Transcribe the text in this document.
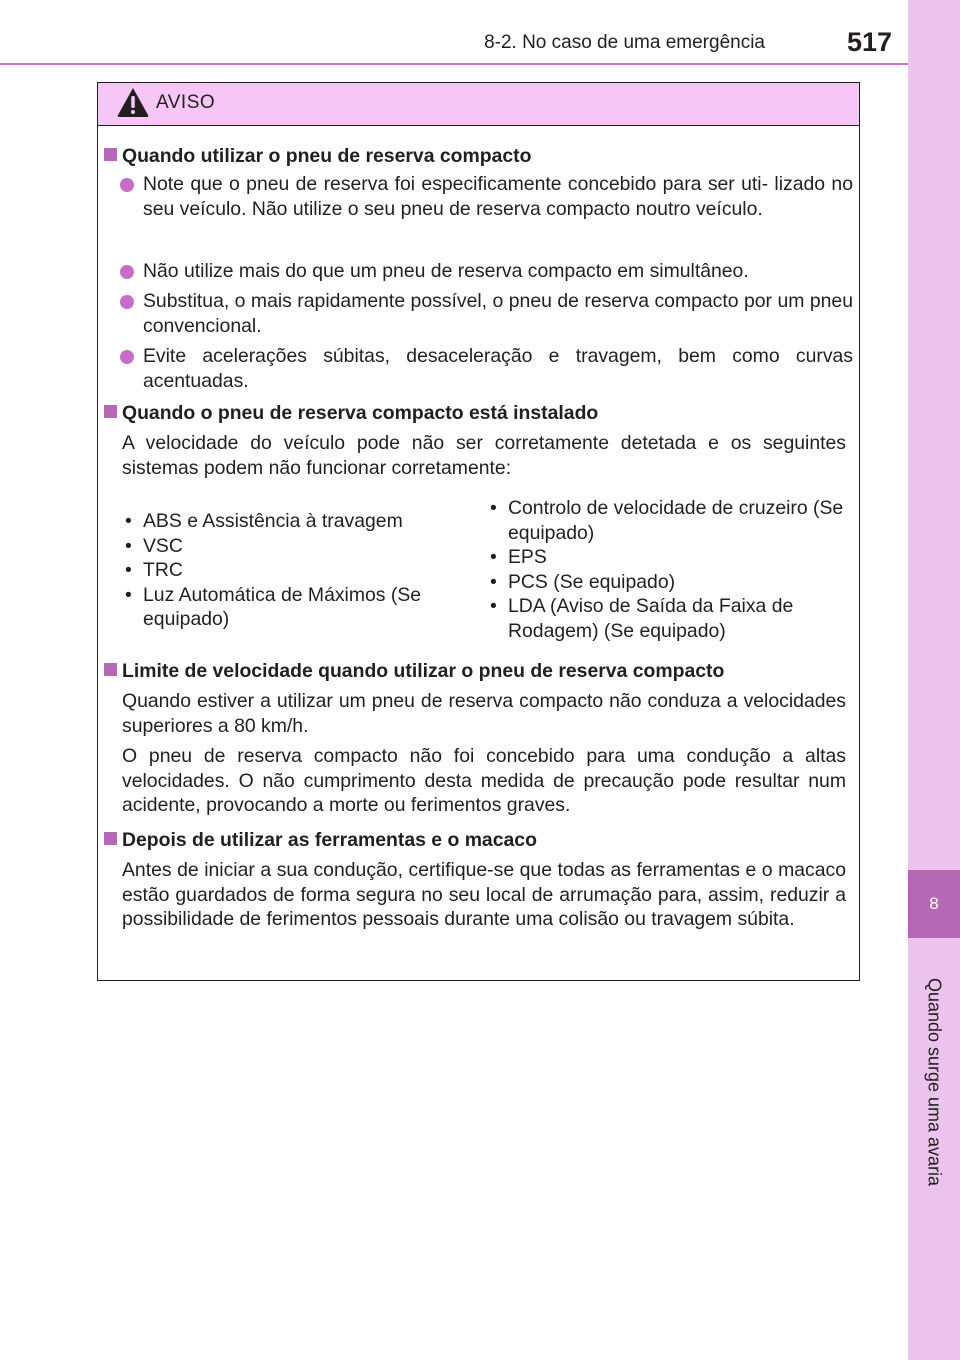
8-2. No caso de uma emergência	517
8
Quando surge uma avaria
AVISO
Quando utilizar o pneu de reserva compacto
Note que o pneu de reserva foi especificamente concebido para ser uti- lizado no seu veículo. Não utilize o seu pneu de reserva compacto noutro veículo.
Não utilize mais do que um pneu de reserva compacto em simultâneo.
Substitua, o mais rapidamente possível, o pneu de reserva compacto por um pneu convencional.
Evite acelerações súbitas, desaceleração e travagem, bem como curvas acentuadas.
Quando o pneu de reserva compacto está instalado
A velocidade do veículo pode não ser corretamente detetada e os seguintes sistemas podem não funcionar corretamente:
• ABS e Assistência à travagem
• VSC
• TRC
• Luz Automática de Máximos (Se equipado)
• Controlo de velocidade de cruzeiro (Se equipado)
• EPS
• PCS (Se equipado)
• LDA (Aviso de Saída da Faixa de Rodagem) (Se equipado)
Limite de velocidade quando utilizar o pneu de reserva compacto
Quando estiver a utilizar um pneu de reserva compacto não conduza a velocidades superiores a 80 km/h.
O pneu de reserva compacto não foi concebido para uma condução a altas velocidades. O não cumprimento desta medida de precaução pode resultar num acidente, provocando a morte ou ferimentos graves.
Depois de utilizar as ferramentas e o macaco
Antes de iniciar a sua condução, certifique-se que todas as ferramentas e o macaco estão guardados de forma segura no seu local de arrumação para, assim, reduzir a possibilidade de ferimentos pessoais durante uma colisão ou travagem súbita.
